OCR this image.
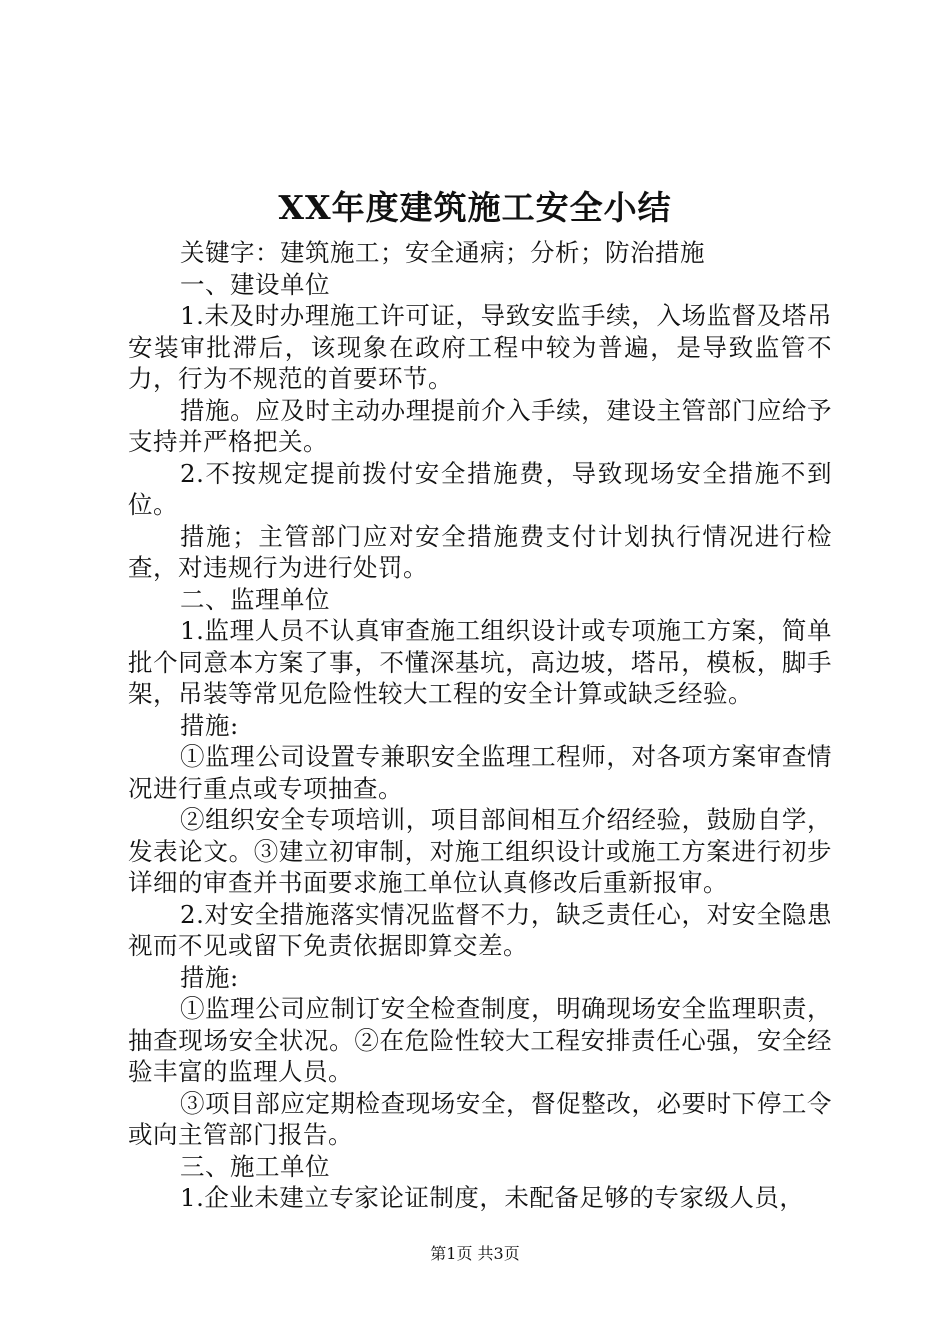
XX年度建筑施工安全小结

关键字：建筑施工；安全通病；分析；防治措施

一、建设单位

1.未及时办理施工许可证，导致安监手续，入场监督及塔吊安装审批滞后，该现象在政府工程中较为普遍，是导致监管不力，行为不规范的首要环节。

措施。应及时主动办理提前介入手续，建设主管部门应给予支持并严格把关。

2.不按规定提前拨付安全措施费，导致现场安全措施不到位。

措施；主管部门应对安全措施费支付计划执行情况进行检查，对违规行为进行处罚。

二、监理单位

1.监理人员不认真审查施工组织设计或专项施工方案，简单批个同意本方案了事，不懂深基坑，高边坡，塔吊，模板，脚手架，吊装等常见危险性较大工程的安全计算或缺乏经验。

措施:

①监理公司设置专兼职安全监理工程师，对各项方案审查情况进行重点或专项抽查。

②组织安全专项培训，项目部间相互介绍经验，鼓励自学，发表论文。③建立初审制，对施工组织设计或施工方案进行初步详细的审查并书面要求施工单位认真修改后重新报审。

2.对安全措施落实情况监督不力，缺乏责任心，对安全隐患视而不见或留下免责依据即算交差。

措施:

①监理公司应制订安全检查制度，明确现场安全监理职责，抽查现场安全状况。②在危险性较大工程安排责任心强，安全经验丰富的监理人员。

③项目部应定期检查现场安全，督促整改，必要时下停工令或向主管部门报告。

三、施工单位

1.企业未建立专家论证制度，未配备足够的专家级人员，

第1页 共3页
